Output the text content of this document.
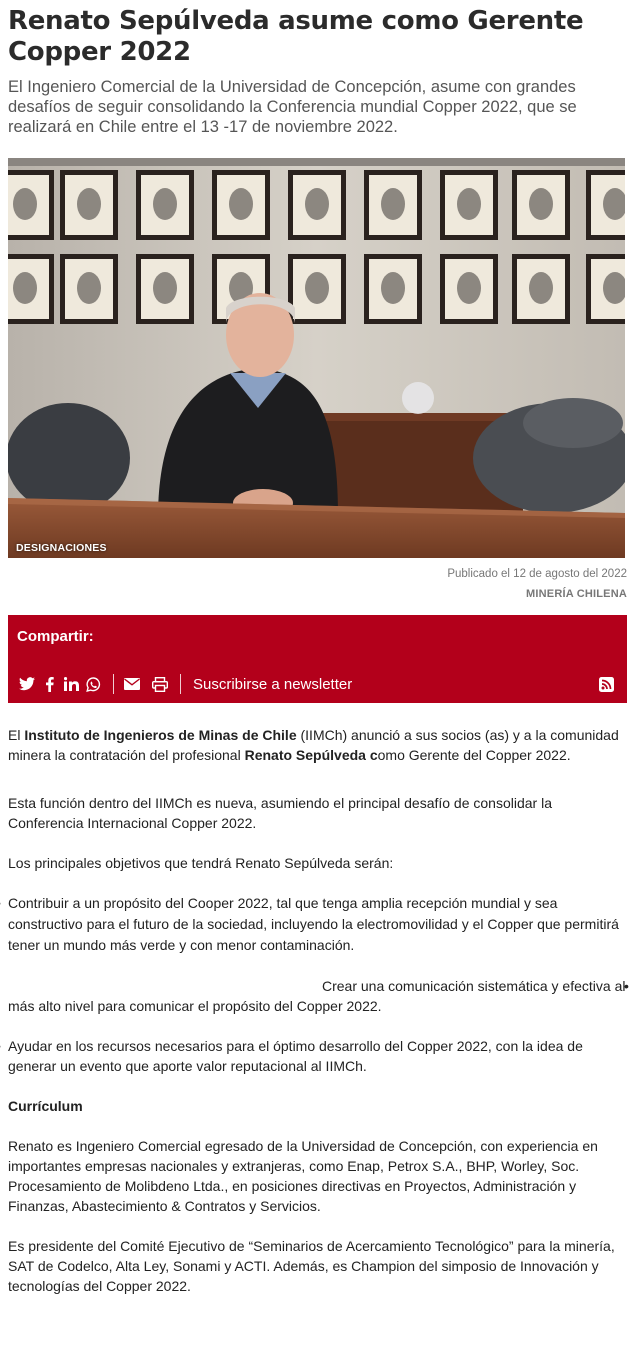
Renato Sepúlveda asume como Gerente Copper 2022

El Ingeniero Comercial de la Universidad de Concepción, asume con grandes desafíos de seguir consolidando la Conferencia mundial Copper 2022, que se realizará en Chile entre el 13 -17 de noviembre 2022.

DESIGNACIONES
Publicado el 12 de agosto del 2022
MINERÍA CHILENA
Compartir:
Suscribirse a newsletter

El Instituto de Ingenieros de Minas de Chile (IIMCh) anunció a sus socios (as) y a la comunidad minera la contratación del profesional Renato Sepúlveda como Gerente del Copper 2022.

Esta función dentro del IIMCh es nueva, asumiendo el principal desafío de consolidar la Conferencia Internacional Copper 2022.

Los principales objetivos que tendrá Renato Sepúlveda serán:

• Contribuir a un propósito del Cooper 2022, tal que tenga amplia recepción mundial y sea constructivo para el futuro de la sociedad, incluyendo la electromovilidad y el Copper que permitirá tener un mundo más verde y con menor contaminación.

• Crear una comunicación sistemática y efectiva al más alto nivel para comunicar el propósito del Copper 2022.

• Ayudar en los recursos necesarios para el óptimo desarrollo del Copper 2022, con la idea de generar un evento que aporte valor reputacional al IIMCh.

Currículum

Renato es Ingeniero Comercial egresado de la Universidad de Concepción, con experiencia en importantes empresas nacionales y extranjeras, como Enap, Petrox S.A., BHP, Worley, Soc. Procesamiento de Molibdeno Ltda., en posiciones directivas en Proyectos, Administración y Finanzas, Abastecimiento & Contratos y Servicios.

Es presidente del Comité Ejecutivo de “Seminarios de Acercamiento Tecnológico” para la minería, SAT de Codelco, Alta Ley, Sonami y ACTI. Además, es Champion del simposio de Innovación y tecnologías del Copper 2022.
